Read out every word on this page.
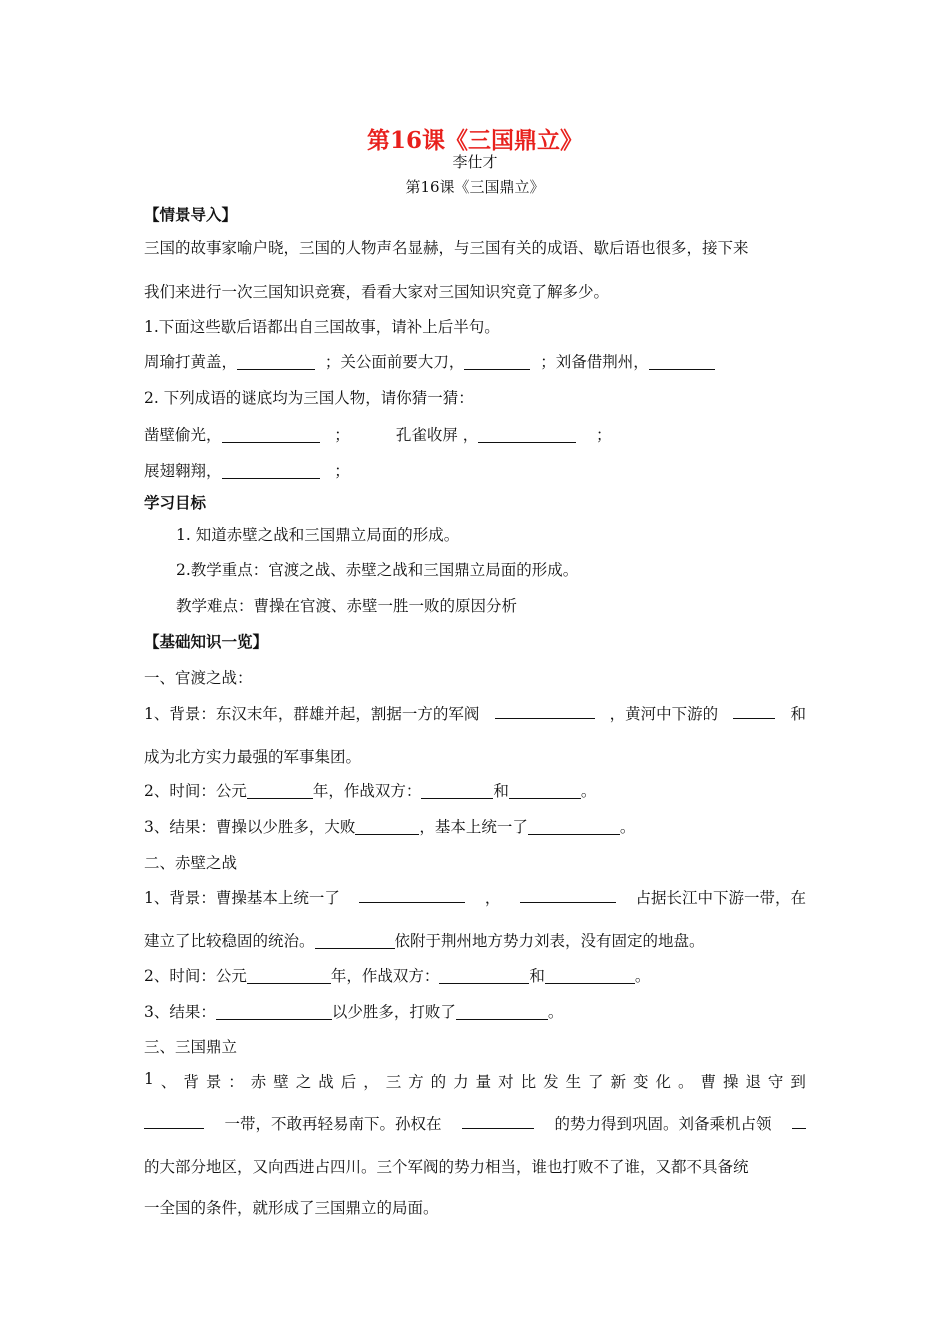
第16课《三国鼎立》
李仕才
第16课《三国鼎立》
【情景导入】
三国的故事家喻户晓，三国的人物声名显赫，与三国有关的成语、歇后语也很多，接下来
我们来进行一次三国知识竞赛，看看大家对三国知识究竟了解多少。
1.下面这些歇后语都出自三国故事，请补上后半句。
周瑜打黄盖，	；关公面前要大刀，	；刘备借荆州，
2. 下列成语的谜底均为三国人物，请你猜一猜：
凿壁偷光，	；	孔雀收屏 ，	；
展翅翱翔，	；
学习目标
1. 知道赤壁之战和三国鼎立局面的形成。
2.教学重点：官渡之战、赤壁之战和三国鼎立局面的形成。
教学难点：曹操在官渡、赤壁一胜一败的原因分析
【基础知识一览】
一、官渡之战：
1、背景：东汉末年，群雄并起，割据一方的军阀	，黄河中下游的	和
成为北方实力最强的军事集团。
2、时间：公元	年，作战双方：	和	。
3、结果：曹操以少胜多，大败	，基本上统一了	。
二、赤壁之战
1、背景：曹操基本上统一了	，	占据长江中下游一带，在
建立了比较稳固的统治。	依附于荆州地方势力刘表，没有固定的地盘。
2、时间：公元	年，作战双方：	和	。
3、结果：	以少胜多，打败了	。
三、三国鼎立
1 、 背 景 ： 赤 壁 之 战 后 ， 三 方 的 力 量 对 比 发 生 了 新 变 化 。 曹 操 退 守 到
一带，不敢再轻易南下。孙权在	的势力得到巩固。刘备乘机占领
的大部分地区，又向西进占四川。三个军阀的势力相当，谁也打败不了谁，又都不具备统
一全国的条件，就形成了三国鼎立的局面。
